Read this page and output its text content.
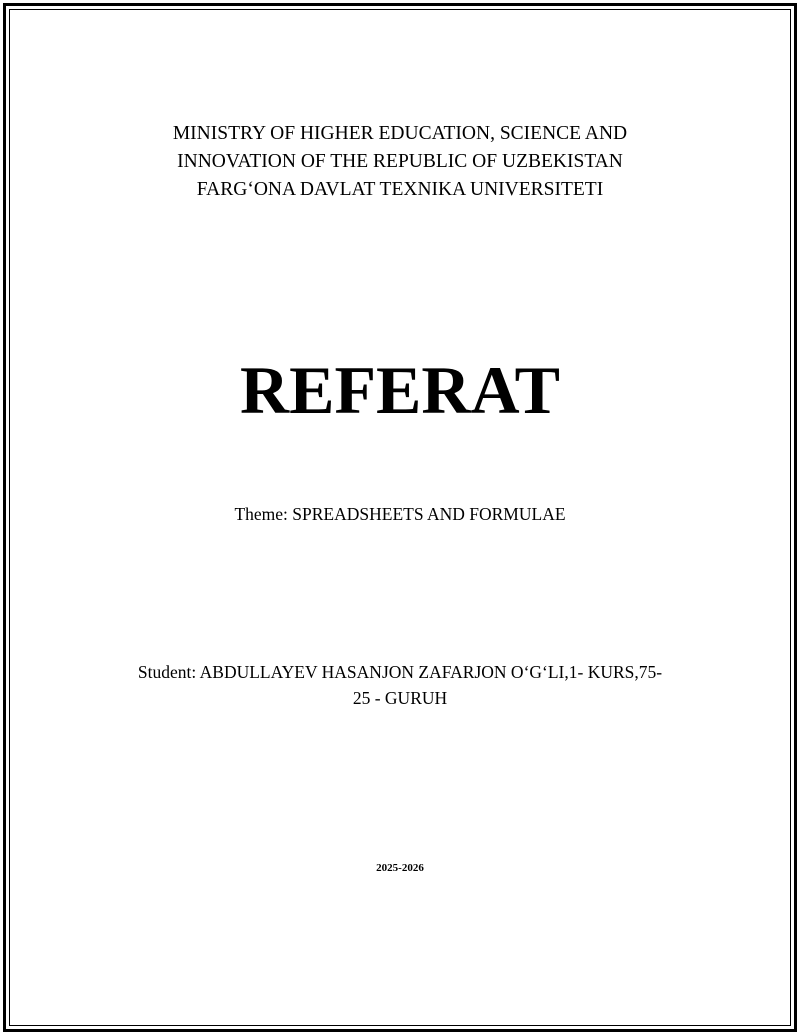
MINISTRY OF HIGHER EDUCATION, SCIENCE AND
INNOVATION OF THE REPUBLIC OF UZBEKISTAN
FARG‘ONA DAVLAT TEXNIKA UNIVERSITETI
REFERAT
Theme: SPREADSHEETS AND FORMULAE
Student: ABDULLAYEV HASANJON ZAFARJON O‘G‘LI,1- KURS,75-
25 - GURUH
2025-2026
